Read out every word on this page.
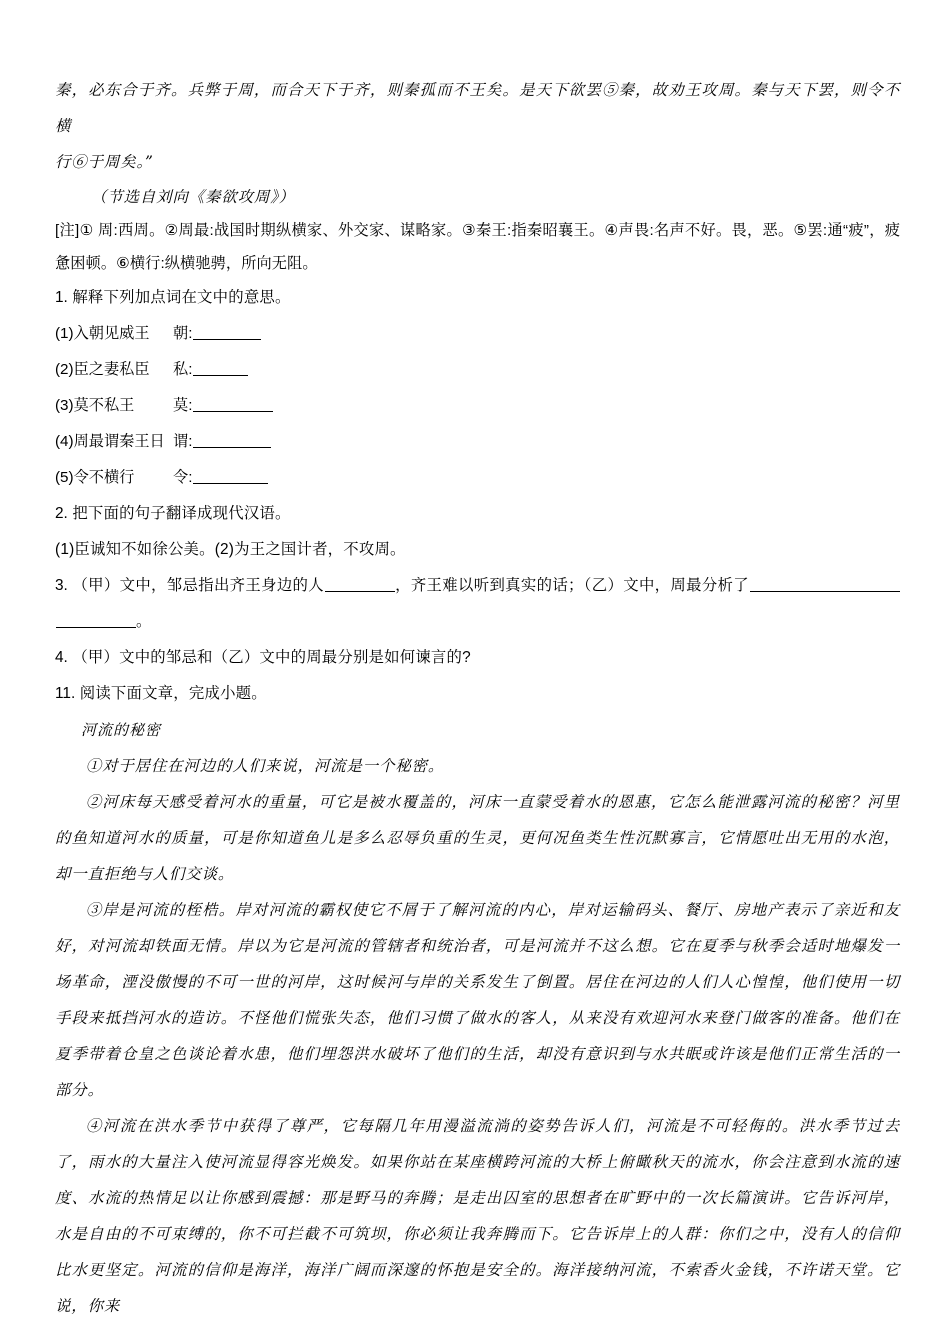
秦，必东合于齐。兵弊于周，而合天下于齐，则秦孤而不王矣。是天下欲罢⑤秦，故劝王攻周。秦与天下罢，则令不横

行⑥于周矣。”

（节选自刘向《秦欲攻周》）

[注]① 周:西周。②周最:战国时期纵横家、外交家、谋略家。③秦王:指秦昭襄王。④声畏:名声不好。畏，恶。⑤罢:通“疲”，疲惫困顿。⑥横行:纵横驰骋，所向无阻。

1. 解释下列加点词在文中的意思。

(1)入朝见威王 朝:

(2)臣之妻私臣 私:

(3)莫不私王	莫:

(4)周最谓秦王日 谓:

(5)令不横行	令:

2. 把下面的句子翻译成现代汉语。

(1)臣诚知不如徐公美。(2)为王之国计者，不攻周。

3. （甲）文中，邹忌指出齐王身边的人	，齐王难以听到真实的话；（乙）文中，周最分析了。

4. （甲）文中的邹忌和（乙）文中的周最分别是如何谏言的?

11. 阅读下面文章，完成小题。

河流的秘密

①对于居住在河边的人们来说，河流是一个秘密。

②河床每天感受着河水的重量，可它是被水覆盖的，河床一直蒙受着水的恩惠，它怎么能泄露河流的秘密？河里的鱼知道河水的质量，可是你知道鱼儿是多么忍辱负重的生灵，更何况鱼类生性沉默寡言，它情愿吐出无用的水泡，却一直拒绝与人们交谈。

③岸是河流的桎梏。岸对河流的霸权使它不屑于了解河流的内心，岸对运输码头、餐厅、房地产表示了亲近和友好，对河流却铁面无情。岸以为它是河流的管辖者和统治者，可是河流并不这么想。它在夏季与秋季会适时地爆发一场革命，湮没傲慢的不可一世的河岸，这时候河与岸的关系发生了倒置。居住在河边的人们人心惶惶，他们使用一切手段来抵挡河水的造访。不怪他们慌张失态，他们习惯了做水的客人，从来没有欢迎河水来登门做客的准备。他们在夏季带着仓皇之色谈论着水患，他们埋怨洪水破坏了他们的生活，却没有意识到与水共眠或许该是他们正常生活的一部分。

④河流在洪水季节中获得了尊严，它每隔几年用漫溢流淌的姿势告诉人们，河流是不可轻侮的。洪水季节过去了，雨水的大量注入使河流显得容光焕发。如果你站在某座横跨河流的大桥上俯瞰秋天的流水，你会注意到水流的速度、水流的热情足以让你感到震撼：那是野马的奔腾；是走出囚室的思想者在旷野中的一次长篇演讲。它告诉河岸，水是自由的不可束缚的，你不可拦截不可筑坝，你必须让我奔腾而下。它告诉岸上的人群：你们之中，没有人的信仰比水更坚定。河流的信仰是海洋，海洋广阔而深邃的怀抱是安全的。海洋接纳河流，不索香火金钱，不许诺天堂。它说，你来
